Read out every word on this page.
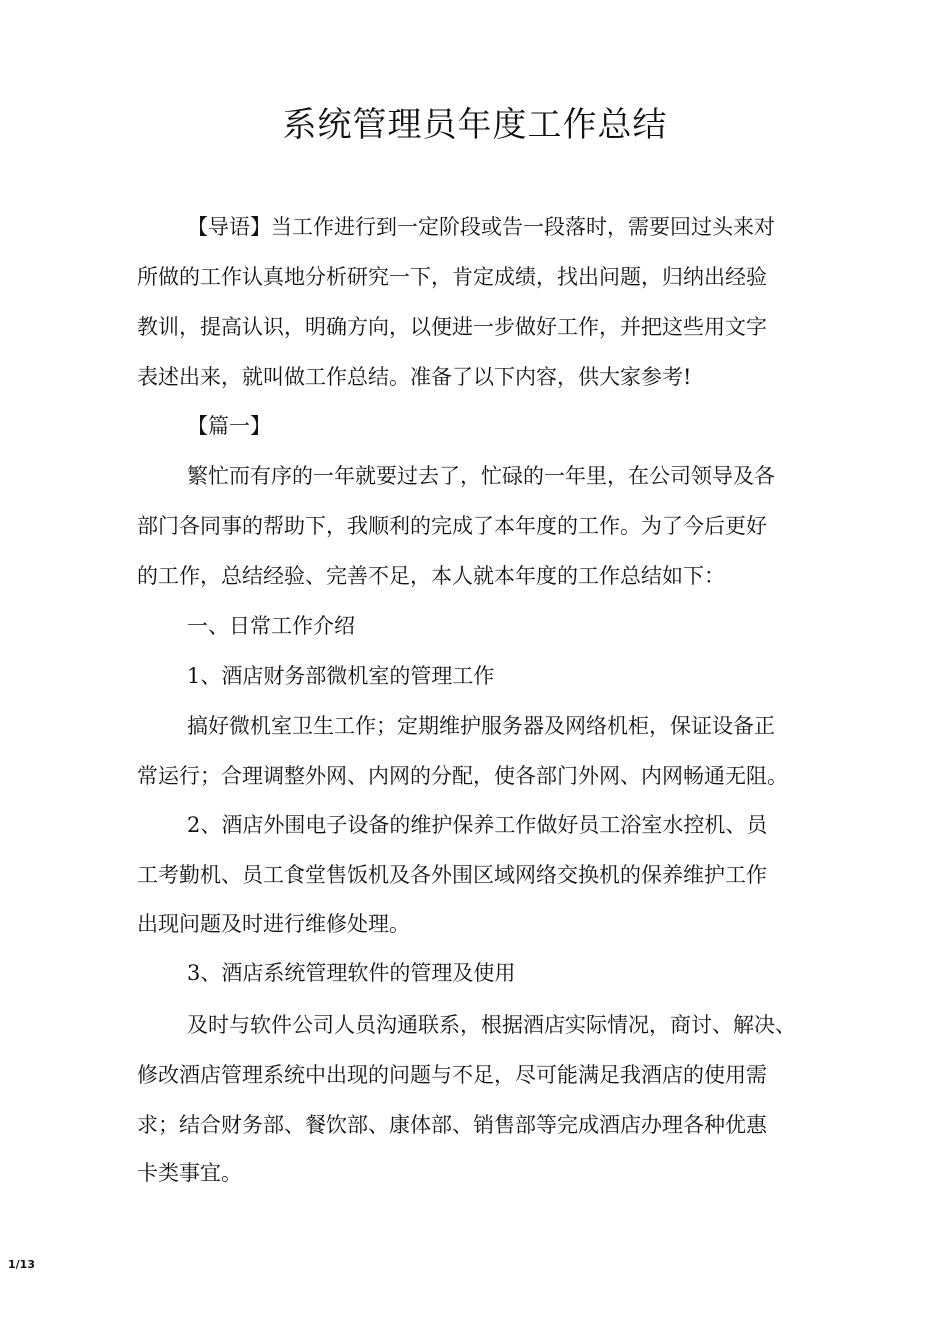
系统管理员年度工作总结
【导语】当工作进行到一定阶段或告一段落时，需要回过头来对
所做的工作认真地分析研究一下，肯定成绩，找出问题，归纳出经验
教训，提高认识，明确方向，以便进一步做好工作，并把这些用文字
表述出来，就叫做工作总结。准备了以下内容，供大家参考!
【篇一】
繁忙而有序的一年就要过去了，忙碌的一年里，在公司领导及各
部门各同事的帮助下，我顺利的完成了本年度的工作。为了今后更好
的工作，总结经验、完善不足，本人就本年度的工作总结如下：
一、日常工作介绍
1、酒店财务部微机室的管理工作
搞好微机室卫生工作；定期维护服务器及网络机柜，保证设备正
常运行；合理调整外网、内网的分配，使各部门外网、内网畅通无阻。
2、酒店外围电子设备的维护保养工作做好员工浴室水控机、员
工考勤机、员工食堂售饭机及各外围区域网络交换机的保养维护工作
出现问题及时进行维修处理。
3、酒店系统管理软件的管理及使用
及时与软件公司人员沟通联系，根据酒店实际情况，商讨、解决、
修改酒店管理系统中出现的问题与不足，尽可能满足我酒店的使用需
求；结合财务部、餐饮部、康体部、销售部等完成酒店办理各种优惠
卡类事宜。
1/13
